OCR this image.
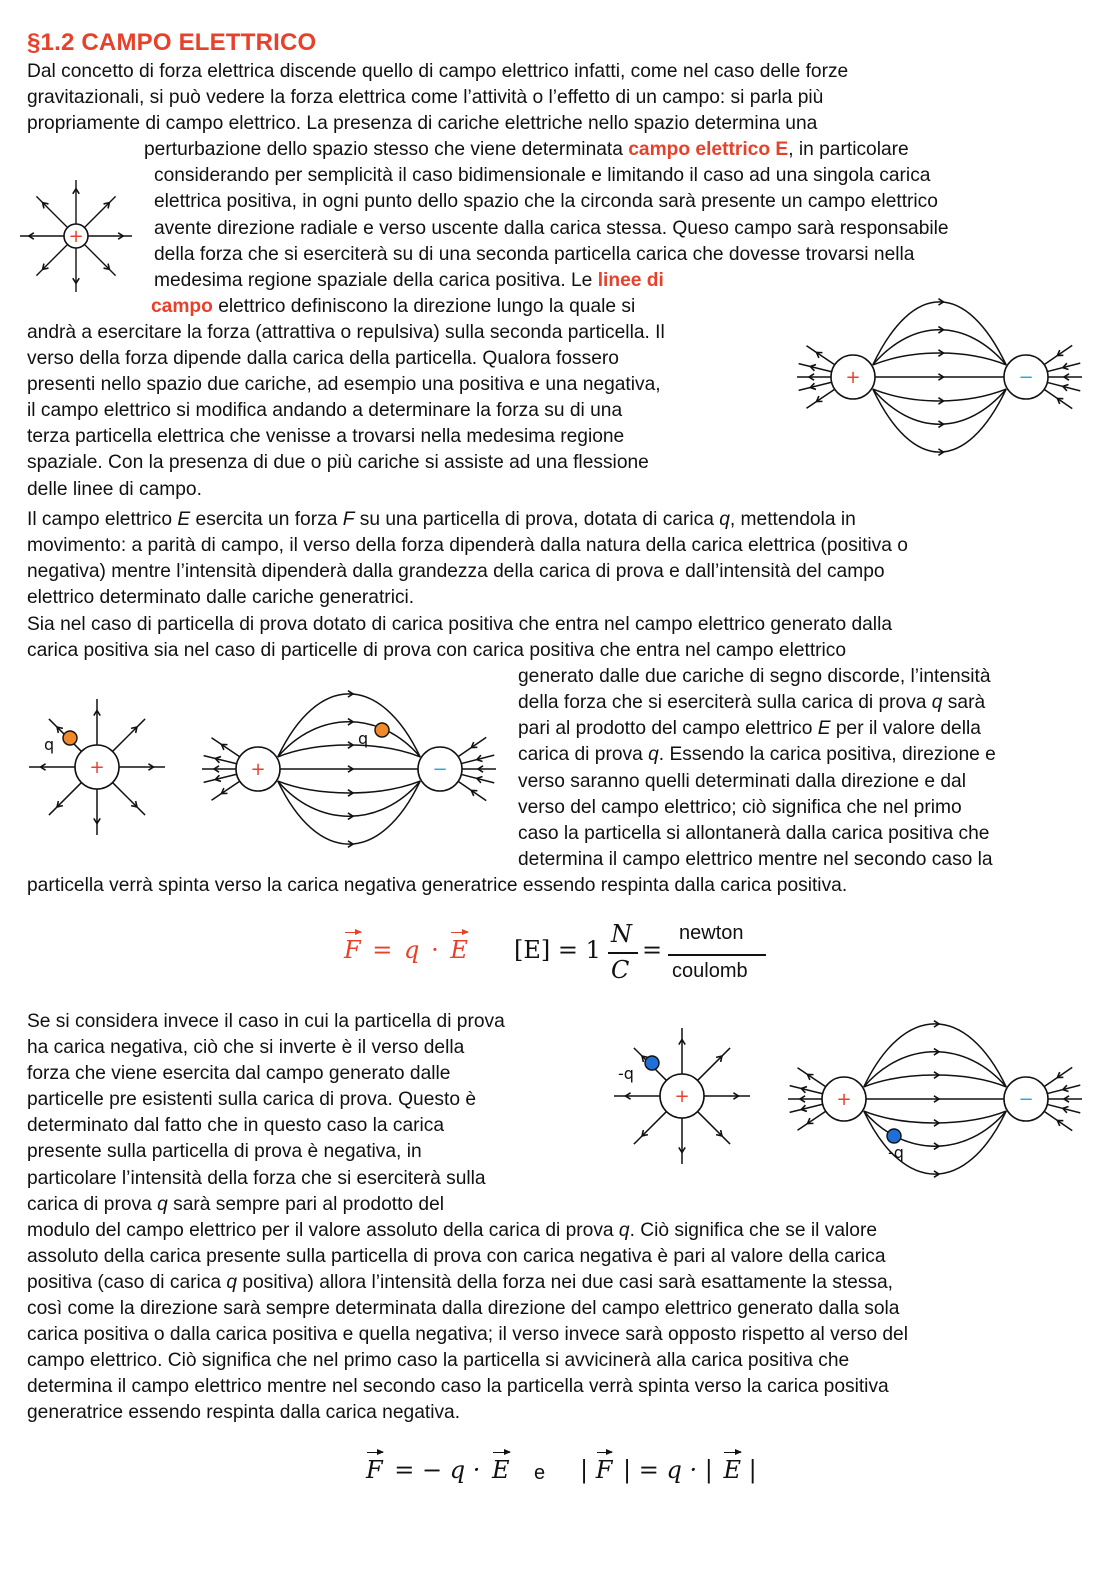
§1.2 CAMPO ELETTRICO
Dal concetto di forza elettrica discende quello di campo elettrico infatti, come nel caso delle forze
gravitazionali, si può vedere la forza elettrica come l’attività o l’effetto di un campo: si parla più
propriamente di campo elettrico. La presenza di cariche elettriche nello spazio determina una
perturbazione dello spazio stesso che viene determinata campo elettrico E, in particolare
considerando per semplicità il caso bidimensionale e limitando il caso ad una singola carica
elettrica positiva, in ogni punto dello spazio che la circonda sarà presente un campo elettrico
avente direzione radiale e verso uscente dalla carica stessa. Queso campo sarà responsabile
della forza che si eserciterà su di una seconda particella carica che dovesse trovarsi nella
medesima regione spaziale della carica positiva. Le linee di
campo elettrico definiscono la direzione lungo la quale si
andrà a esercitare la forza (attrattiva o repulsiva) sulla seconda particella. Il
verso della forza dipende dalla carica della particella. Qualora fossero
presenti nello spazio due cariche, ad esempio una positiva e una negativa,
il campo elettrico si modifica andando a determinare la forza su di una
terza particella elettrica che venisse a trovarsi nella medesima regione
spaziale. Con la presenza di due o più cariche si assiste ad una flessione
delle linee di campo.
Il campo elettrico E esercita un forza F su una particella di prova, dotata di carica q, mettendola in
movimento: a parità di campo, il verso della forza dipenderà dalla natura della carica elettrica (positiva o
negativa) mentre l’intensità dipenderà dalla grandezza della carica di prova e dall’intensità del campo
elettrico determinato dalle cariche generatrici.
Sia nel caso di particella di prova dotato di carica positiva che entra nel campo elettrico generato dalla
carica positiva sia nel caso di particelle di prova con carica positiva che entra nel campo elettrico
generato dalle due cariche di segno discorde, l’intensità
della forza che si eserciterà sulla carica di prova q sarà
pari al prodotto del campo elettrico E per il valore della
carica di prova q. Essendo la carica positiva, direzione e
verso saranno quelli determinati dalla direzione e dal
verso del campo elettrico; ciò significa che nel primo
caso la particella si allontanerà dalla carica positiva che
determina il campo elettrico mentre nel secondo caso la
particella verrà spinta verso la carica negativa generatrice essendo respinta dalla carica positiva.
F = q · E [E] = 1
N
C
=
newton
coulomb
Se si considera invece il caso in cui la particella di prova
ha carica negativa, ciò che si inverte è il verso della
forza che viene esercita dal campo generato dalle
particelle pre esistenti sulla carica di prova. Questo è
determinato dal fatto che in questo caso la carica
presente sulla particella di prova è negativa, in
particolare l’intensità della forza che si eserciterà sulla
carica di prova q sarà sempre pari al prodotto del
modulo del campo elettrico per il valore assoluto della carica di prova q. Ciò significa che se il valore
assoluto della carica presente sulla particella di prova con carica negativa è pari al valore della carica
positiva (caso di carica q positiva) allora l’intensità della forza nei due casi sarà esattamente la stessa,
così come la direzione sarà sempre determinata dalla direzione del campo elettrico generato dalla sola
carica positiva o dalla carica positiva e quella negativa; il verso invece sarà opposto rispetto al verso del
campo elettrico. Ciò significa che nel primo caso la particella si avvicinerà alla carica positiva che
determina il campo elettrico mentre nel secondo caso la particella verrà spinta verso la carica positiva
generatrice essendo respinta dalla carica negativa.
F = − q · E e | F | = q · | E |
+
+	−
+
q
+	−
q
+
-q
+	−
-q
